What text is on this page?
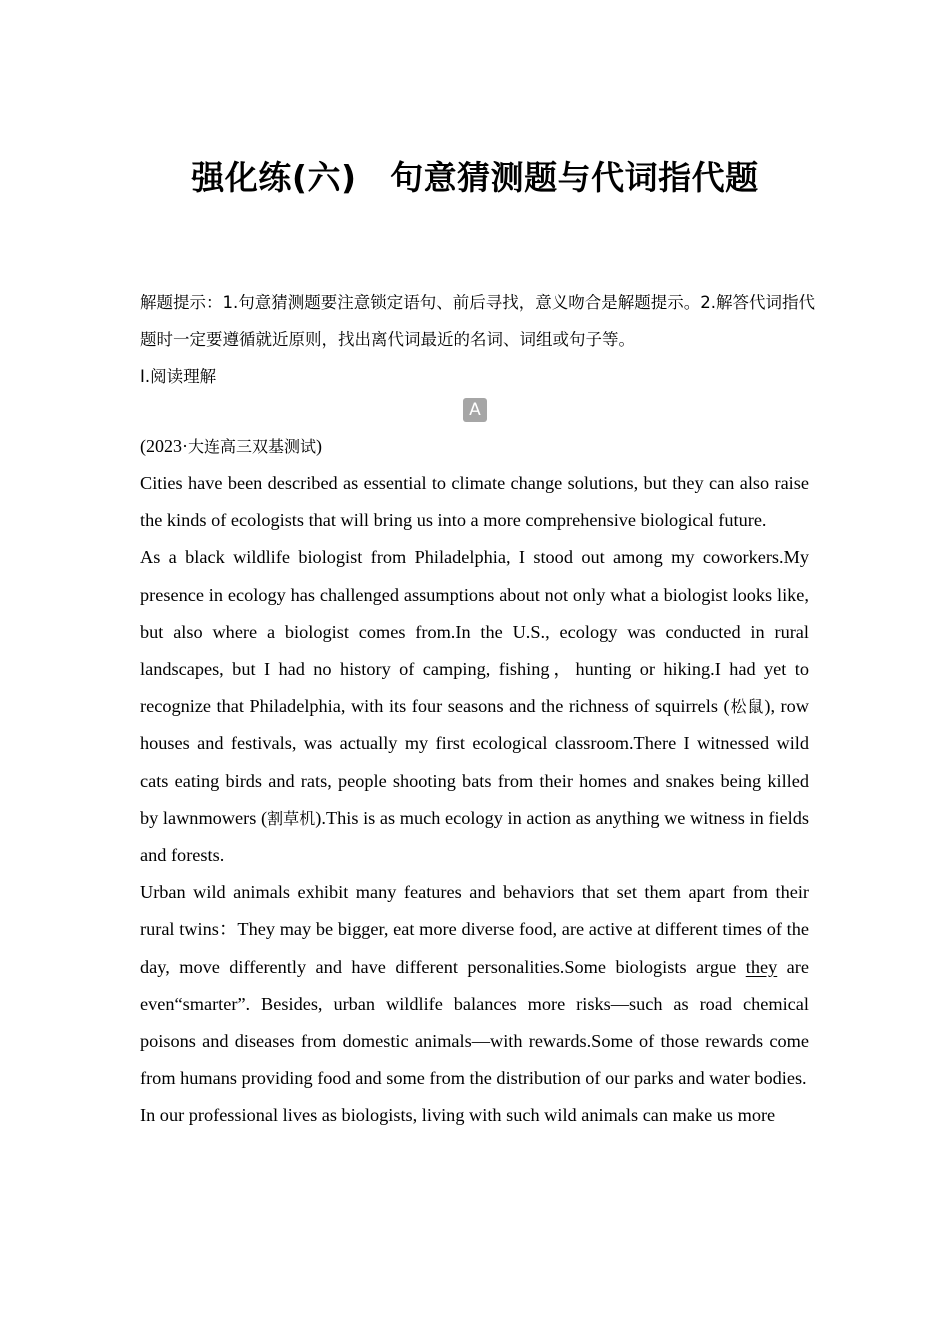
强化练(六)　句意猜测题与代词指代题
解题提示：1.句意猜测题要注意锁定语句、前后寻找，意义吻合是解题提示。2.解答代词指代题时一定要遵循就近原则，找出离代词最近的名词、词组或句子等。
Ⅰ.阅读理解
A
(2023·大连高三双基测试)

Cities have been described as essential to climate change solutions, but they can also raise the kinds of ecologists that will bring us into a more comprehensive biological future.

As a black wildlife biologist from Philadelphia, I stood out among my coworkers.My presence in ecology has challenged assumptions about not only what a biologist looks like, but also where a biologist comes from.In the U.S., ecology was conducted in rural landscapes, but I had no history of camping, fishing，hunting or hiking.I had yet to recognize that Philadelphia, with its four seasons and the richness of squirrels (松鼠), row houses and festivals, was actually my first ecological classroom.There I witnessed wild cats eating birds and rats, people shooting bats from their homes and snakes being killed by lawnmowers (割草机).This is as much ecology in action as anything we witness in fields and forests.

Urban wild animals exhibit many features and behaviors that set them apart from their rural twins：They may be bigger, eat more diverse food, are active at different times of the day, move differently and have different personalities.Some biologists argue they are even“smarter”. Besides, urban wildlife balances more risks—such as road chemical poisons and diseases from domestic animals—with rewards.Some of those rewards come from humans providing food and some from the distribution of our parks and water bodies.

In our professional lives as biologists, living with such wild animals can make us more
